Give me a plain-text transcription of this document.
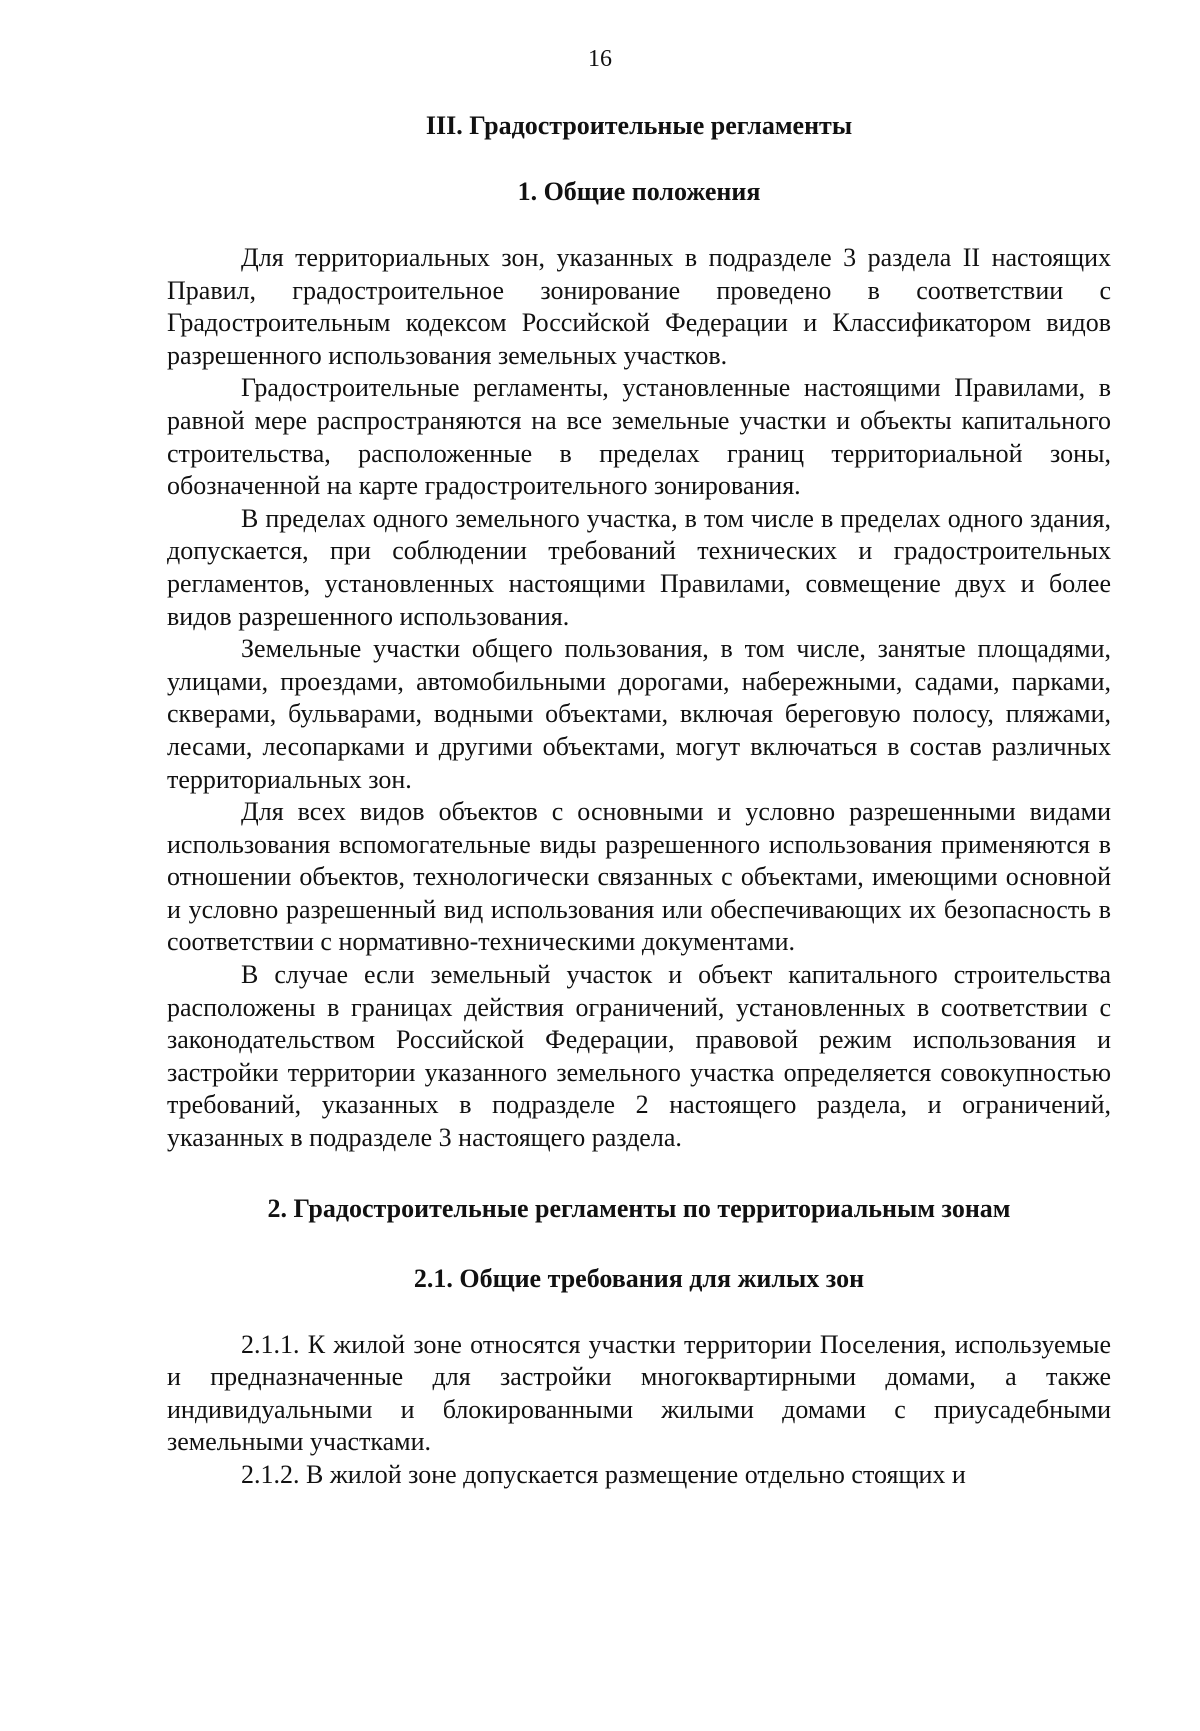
16
III. Градостроительные регламенты
1. Общие положения

Для территориальных зон, указанных в подразделе 3 раздела II настоящих Правил, градостроительное зонирование проведено в соответствии с Градостроительным кодексом Российской Федерации и Классификатором видов разрешенного использования земельных участков.

Градостроительные регламенты, установленные настоящими Правилами, в равной мере распространяются на все земельные участки и объекты капитального строительства, расположенные в пределах границ территориальной зоны, обозначенной на карте градостроительного зонирования.

В пределах одного земельного участка, в том числе в пределах одного здания, допускается, при соблюдении требований технических и градостроительных регламентов, установленных настоящими Правилами, совмещение двух и более видов разрешенного использования.

Земельные участки общего пользования, в том числе, занятые площадями, улицами, проездами, автомобильными дорогами, набережными, садами, парками, скверами, бульварами, водными объектами, включая береговую полосу, пляжами, лесами, лесопарками и другими объектами, могут включаться в состав различных территориальных зон.

Для всех видов объектов с основными и условно разрешенными видами использования вспомогательные виды разрешенного использования применяются в отношении объектов, технологически связанных с объектами, имеющими основной и условно разрешенный вид использования или обеспечивающих их безопасность в соответствии с нормативно-техническими документами.

В случае если земельный участок и объект капитального строительства расположены в границах действия ограничений, установленных в соответствии с законодательством Российской Федерации, правовой режим использования и застройки территории указанного земельного участка определяется совокупностью требований, указанных в подразделе 2 настоящего раздела, и ограничений, указанных в подразделе 3 настоящего раздела.

2. Градостроительные регламенты по территориальным зонам
2.1. Общие требования для жилых зон

2.1.1. К жилой зоне относятся участки территории Поселения, используемые и предназначенные для застройки многоквартирными домами, а также индивидуальными и блокированными жилыми домами с приусадебными земельными участками.

2.1.2. В жилой зоне допускается размещение отдельно стоящих и
